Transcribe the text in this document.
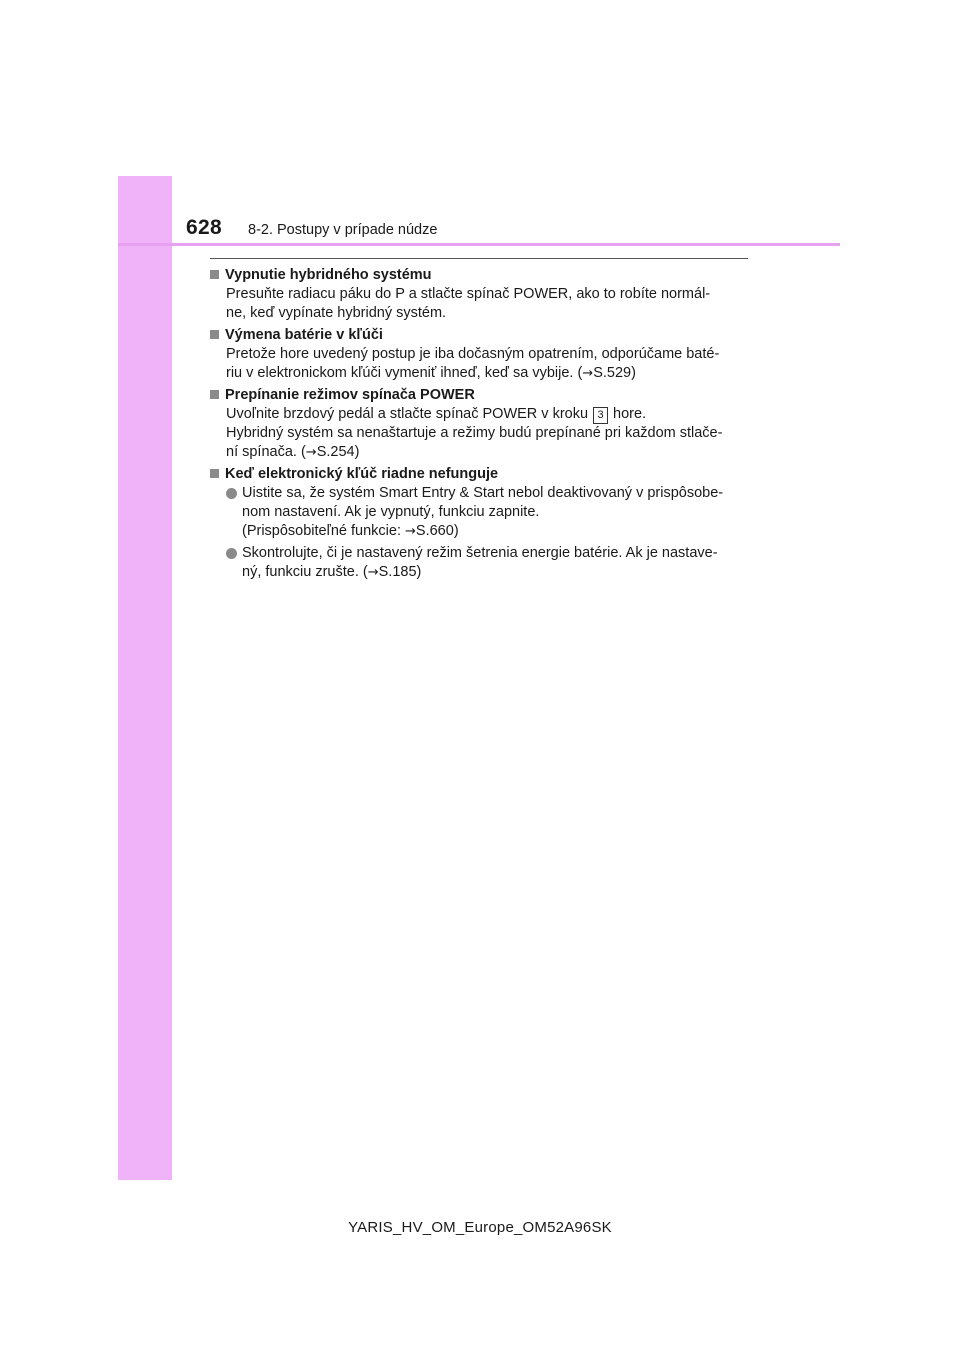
628 8-2. Postupy v prípade núdze
Vypnutie hybridného systému
Presuňte radiacu páku do P a stlačte spínač POWER, ako to robíte normál-
ne, keď vypínate hybridný systém.
Výmena batérie v kľúči
Pretože hore uvedený postup je iba dočasným opatrením, odporúčame baté-
riu v elektronickom kľúči vymeniť ihneď, keď sa vybije. (→S.529)
Prepínanie režimov spínača POWER
Uvoľnite brzdový pedál a stlačte spínač POWER v kroku 3 hore.
Hybridný systém sa nenaštartuje a režimy budú prepínané pri každom stlače-
ní spínača. (→S.254)
Keď elektronický kľúč riadne nefunguje
Uistite sa, že systém Smart Entry & Start nebol deaktivovaný v prispôsobe-
nom nastavení. Ak je vypnutý, funkciu zapnite.
(Prispôsobiteľné funkcie: →S.660)
Skontrolujte, či je nastavený režim šetrenia energie batérie. Ak je nastave-
ný, funkciu zrušte. (→S.185)
YARIS_HV_OM_Europe_OM52A96SK
